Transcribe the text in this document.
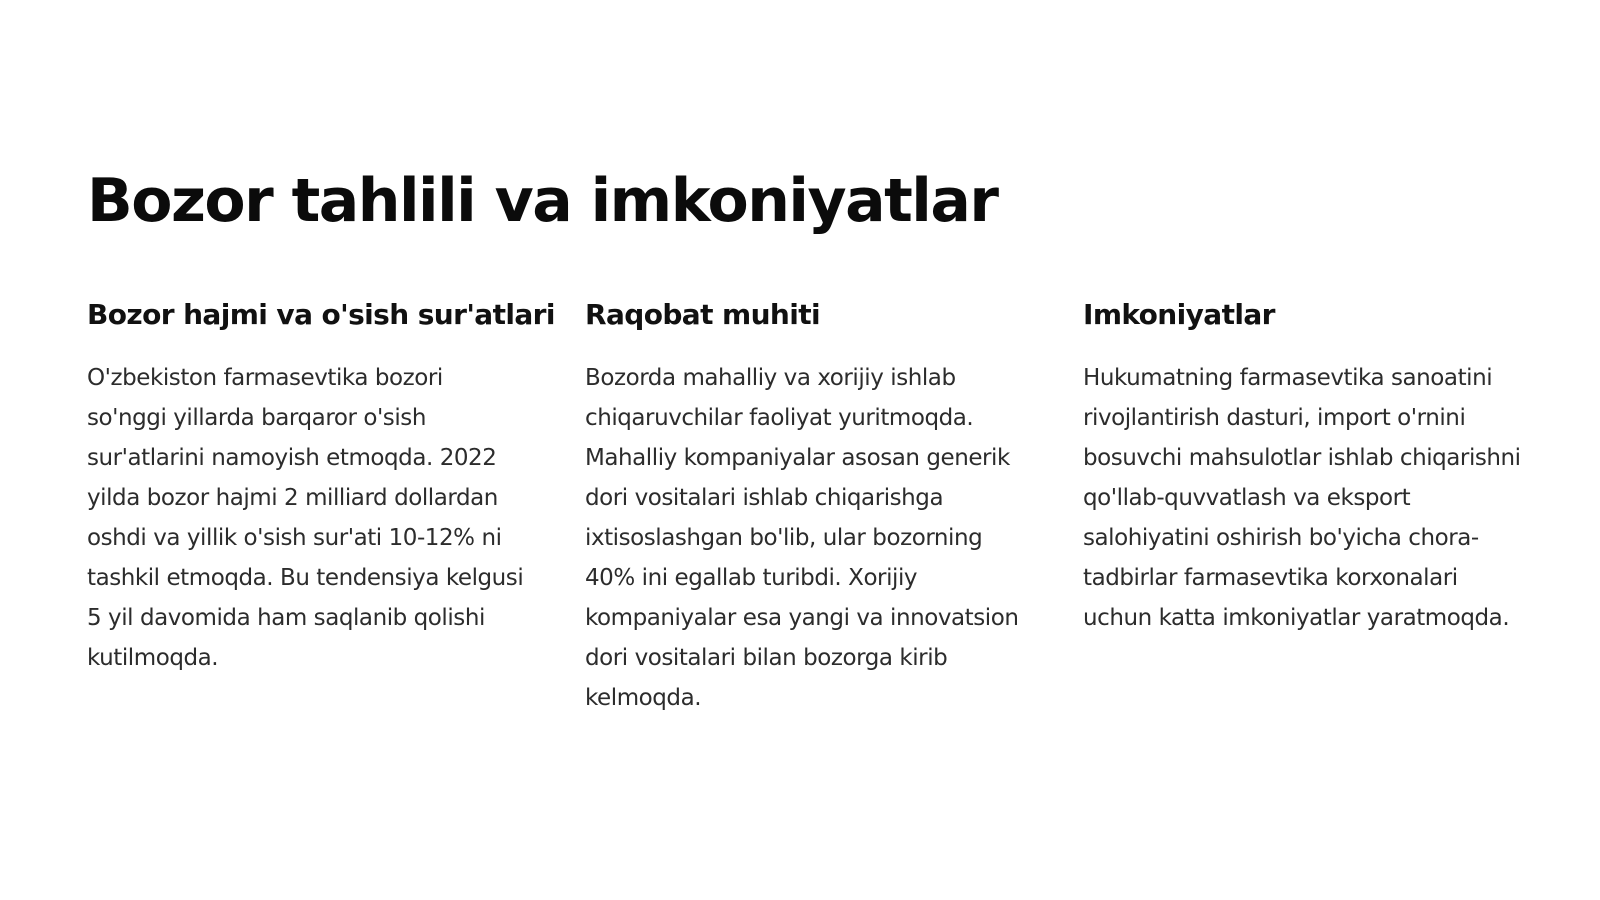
Bozor tahlili va imkoniyatlar
Bozor hajmi va o'sish sur'atlari

O'zbekiston farmasevtika bozori so'nggi yillarda barqaror o'sish sur'atlarini namoyish etmoqda. 2022 yilda bozor hajmi 2 milliard dollardan oshdi va yillik o'sish sur'ati 10-12% ni tashkil etmoqda. Bu tendensiya kelgusi 5 yil davomida ham saqlanib qolishi kutilmoqda.

Raqobat muhiti

Bozorda mahalliy va xorijiy ishlab chiqaruvchilar faoliyat yuritmoqda. Mahalliy kompaniyalar asosan generik dori vositalari ishlab chiqarishga ixtisoslashgan bo'lib, ular bozorning 40% ini egallab turibdi. Xorijiy kompaniyalar esa yangi va innovatsion dori vositalari bilan bozorga kirib kelmoqda.

Imkoniyatlar

Hukumatning farmasevtika sanoatini rivojlantirish dasturi, import o'rnini bosuvchi mahsulotlar ishlab chiqarishni qo'llab-quvvatlash va eksport salohiyatini oshirish bo'yicha chora-tadbirlar farmasevtika korxonalari uchun katta imkoniyatlar yaratmoqda.
